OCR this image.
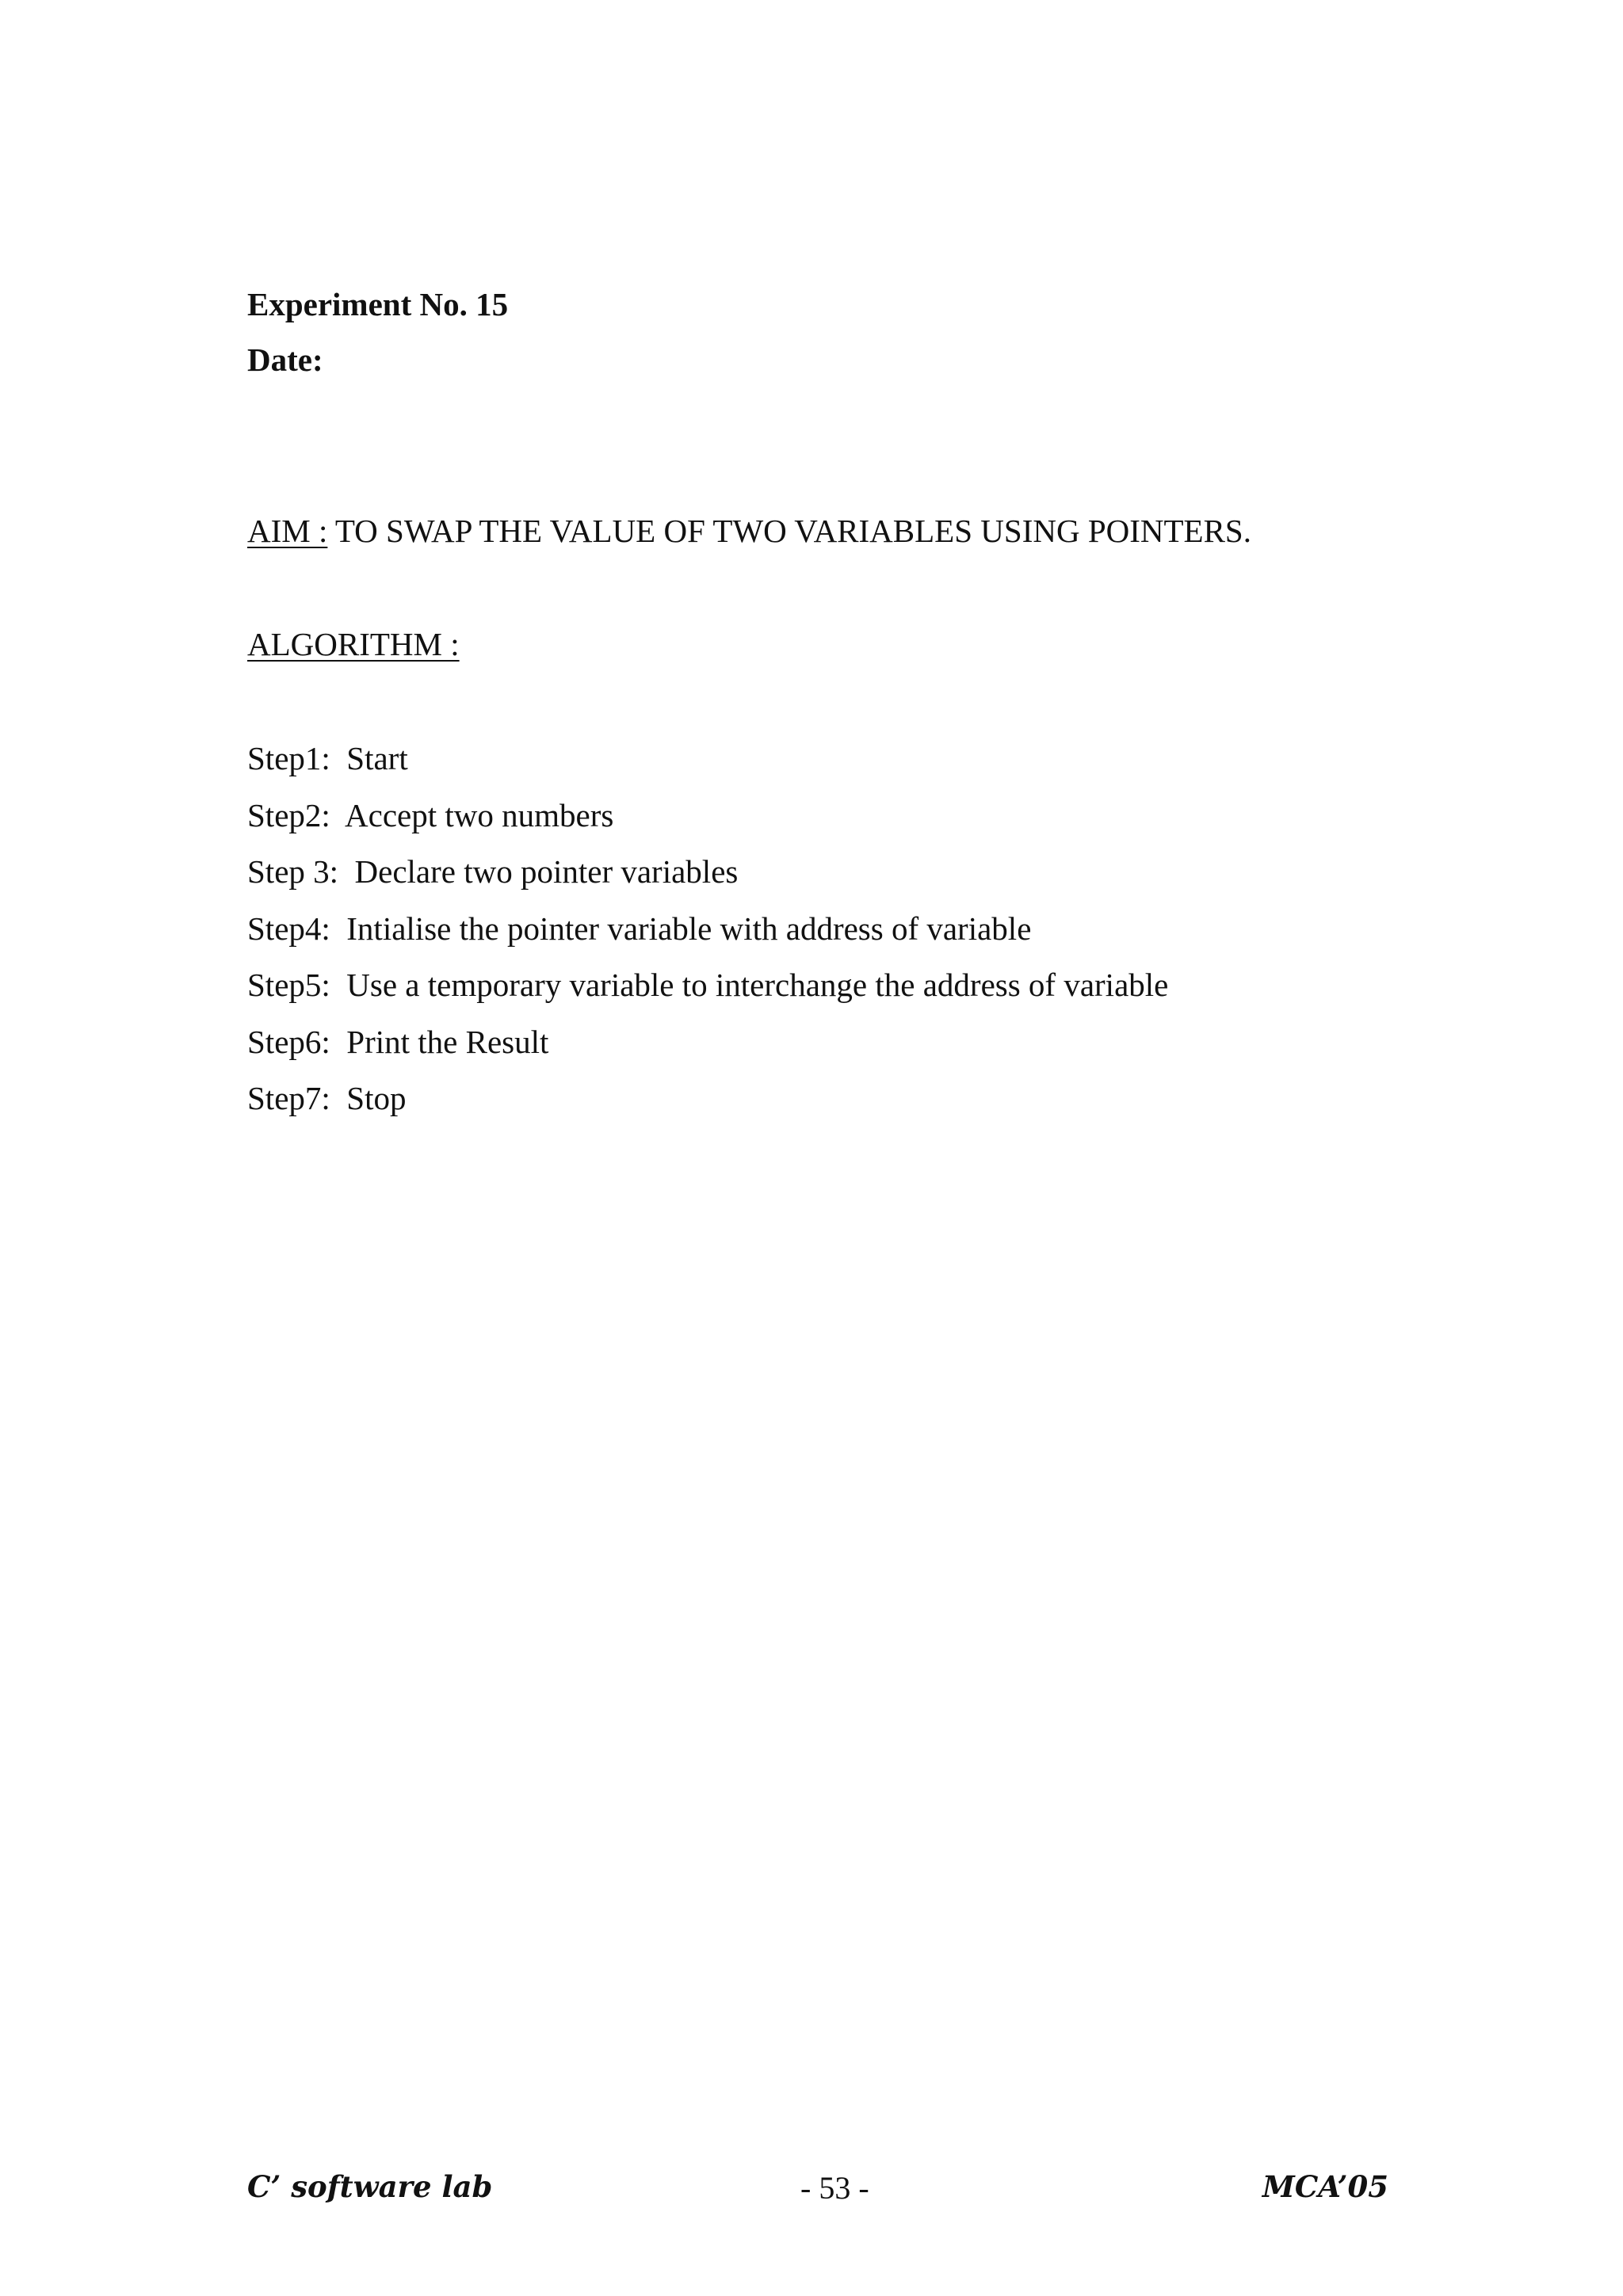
Experiment No. 15
Date:
AIM : TO SWAP THE VALUE OF TWO VARIABLES USING POINTERS.
ALGORITHM :
Step1:  Start
Step2:  Accept two numbers
Step 3:  Declare two pointer variables
Step4:  Intialise the pointer variable with address of variable
Step5:  Use a temporary variable to interchange the address of variable
Step6:  Print the Result
Step7:  Stop
C’ software lab	- 53 -	MCA’05
